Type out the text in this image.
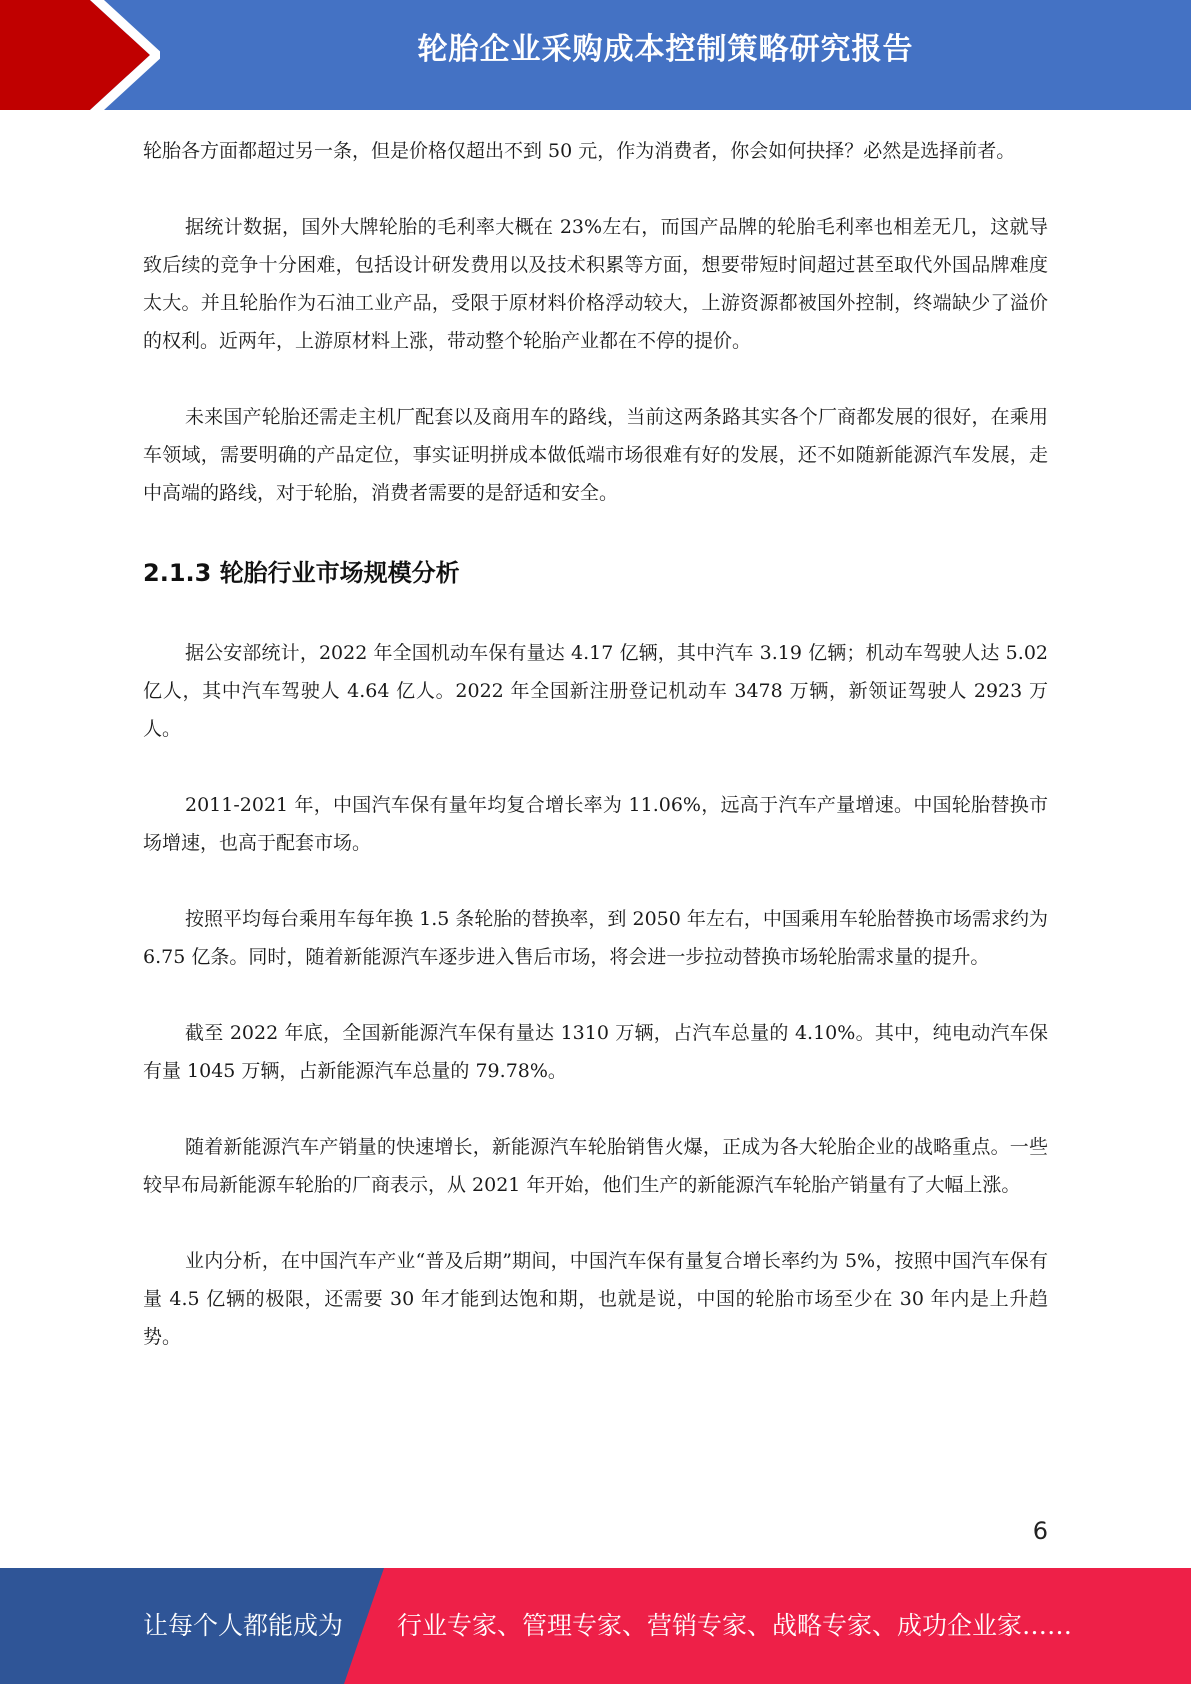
轮胎企业采购成本控制策略研究报告

轮胎各方面都超过另一条，但是价格仅超出不到 50 元，作为消费者，你会如何抉择？必然是选择前者。

据统计数据，国外大牌轮胎的毛利率大概在 23%左右，而国产品牌的轮胎毛利率也相差无几，这就导致后续的竞争十分困难，包括设计研发费用以及技术积累等方面，想要带短时间超过甚至取代外国品牌难度太大。并且轮胎作为石油工业产品，受限于原材料价格浮动较大，上游资源都被国外控制，终端缺少了溢价的权利。近两年，上游原材料上涨，带动整个轮胎产业都在不停的提价。

未来国产轮胎还需走主机厂配套以及商用车的路线，当前这两条路其实各个厂商都发展的很好，在乘用车领域，需要明确的产品定位，事实证明拼成本做低端市场很难有好的发展，还不如随新能源汽车发展，走中高端的路线，对于轮胎，消费者需要的是舒适和安全。

2.1.3 轮胎行业市场规模分析

据公安部统计，2022 年全国机动车保有量达 4.17 亿辆，其中汽车 3.19 亿辆；机动车驾驶人达 5.02 亿人，其中汽车驾驶人 4.64 亿人。2022 年全国新注册登记机动车 3478 万辆，新领证驾驶人 2923 万人。

2011-2021 年，中国汽车保有量年均复合增长率为 11.06%，远高于汽车产量增速。中国轮胎替换市场增速，也高于配套市场。

按照平均每台乘用车每年换 1.5 条轮胎的替换率，到 2050 年左右，中国乘用车轮胎替换市场需求约为 6.75 亿条。同时，随着新能源汽车逐步进入售后市场，将会进一步拉动替换市场轮胎需求量的提升。

截至 2022 年底，全国新能源汽车保有量达 1310 万辆，占汽车总量的 4.10%。其中，纯电动汽车保有量 1045 万辆，占新能源汽车总量的 79.78%。

随着新能源汽车产销量的快速增长，新能源汽车轮胎销售火爆，正成为各大轮胎企业的战略重点。一些较早布局新能源车轮胎的厂商表示，从 2021 年开始，他们生产的新能源汽车轮胎产销量有了大幅上涨。

业内分析，在中国汽车产业“普及后期”期间，中国汽车保有量复合增长率约为 5%，按照中国汽车保有量 4.5 亿辆的极限，还需要 30 年才能到达饱和期，也就是说，中国的轮胎市场至少在 30 年内是上升趋势。

6
让每个人都能成为 行业专家、管理专家、营销专家、战略专家、成功企业家……
